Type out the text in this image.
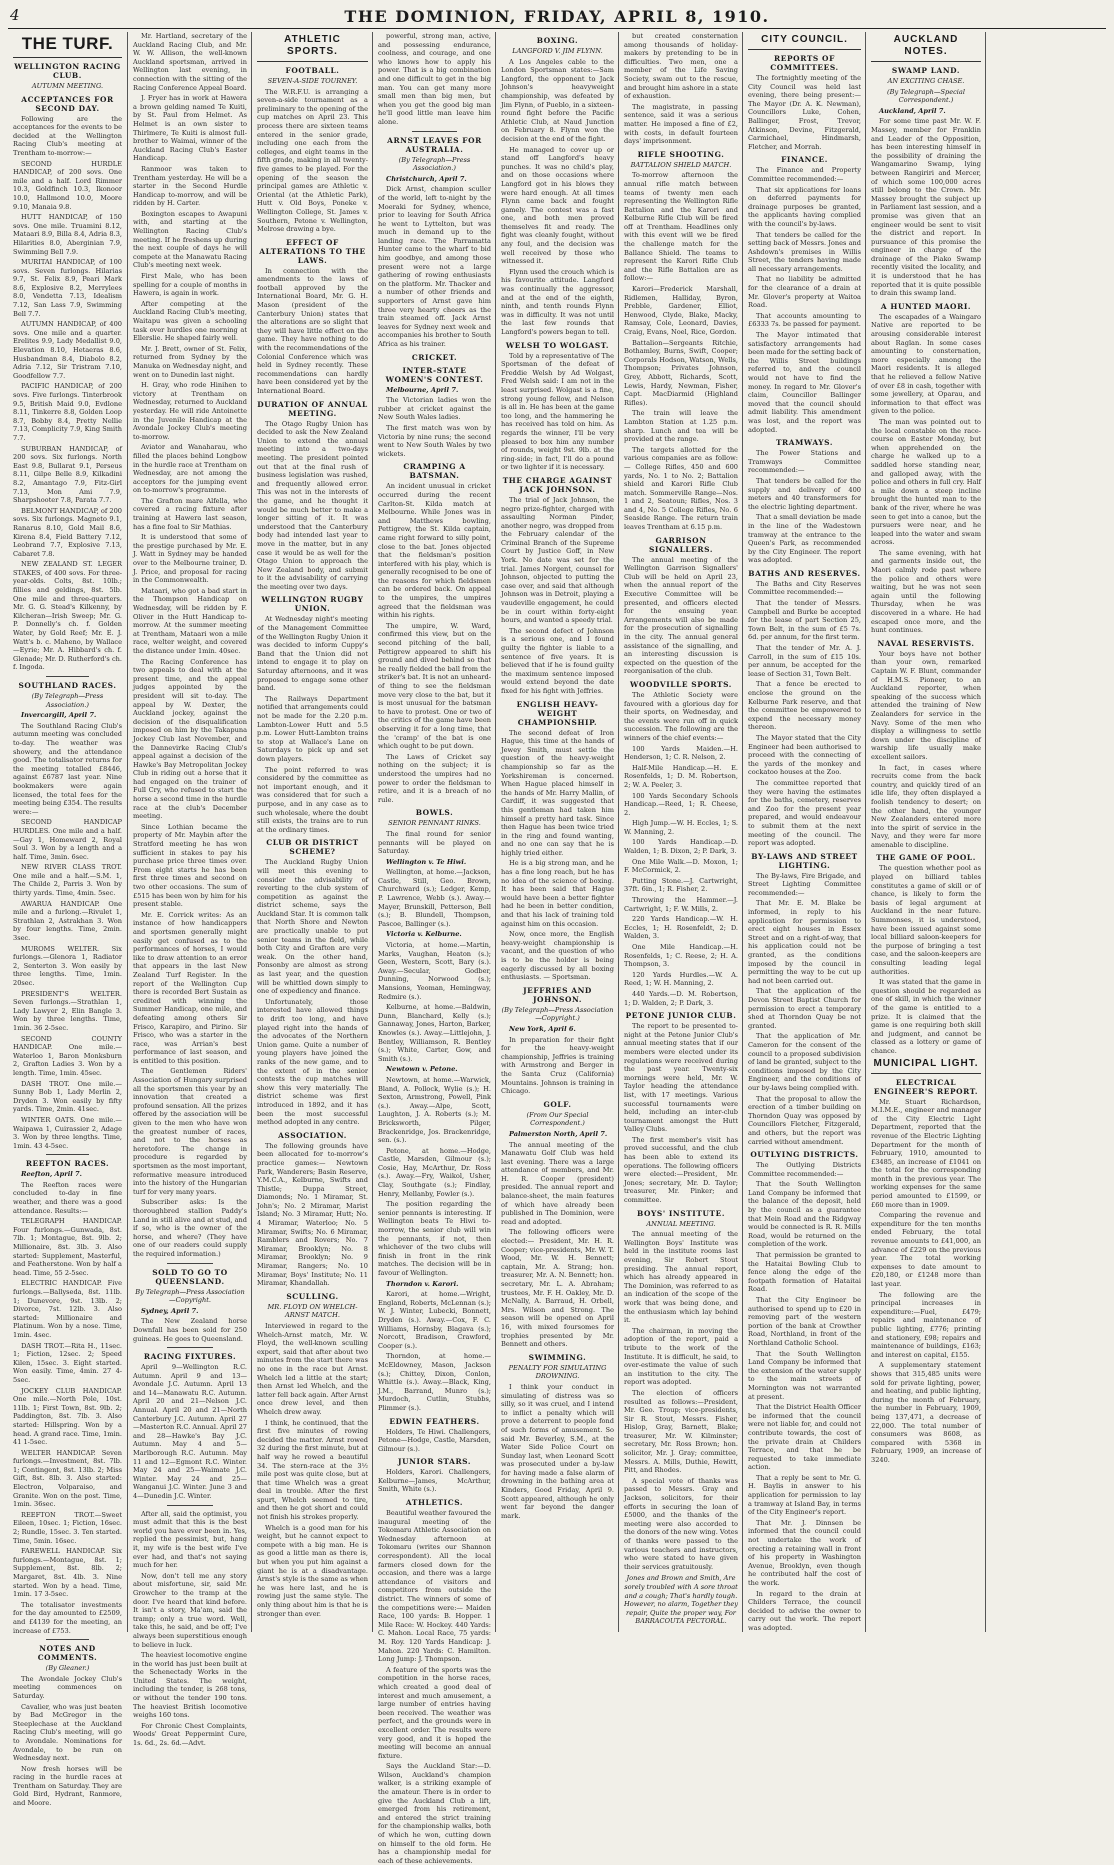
4	THE DOMINION, FRIDAY, APRIL 8, 1910.
THE TURF.
WELLINGTON RACING CLUB.
AUTUMN MEETING.
ACCEPTANCES FOR SECOND DAY.

Following are the acceptances for the events to be decided at the Wellington Racing Club's meeting at Trentham to-morrow:—

SECOND HURDLE HANDICAP, of 200 sovs. One mile and a half. Lord Rimmer 10.3, Goldfinch 10.3, Ikonoor 10.0, Hallmond 10.0, Moore 9.10, Manaia 9.8.

HUTT HANDICAP, of 150 sovs. One mile. Truamini 8.12, Mataari 8.9, Billa 8.4, Adria 8.3, Hilarities 8.0, Aberginian 7.9, Swimming Bell 7.9.

MURITAI HANDICAP, of 100 sovs. Seven furlongs. Hilarias 9.7, St. Felix 8.9, Peari Mark 8.6, Explosive 8.2, Merrylees 8.0, Vendetta 7.13, Idealism 7.12, San Lass 7.9, Swimming Bell 7.7.

AUTUMN HANDICAP, of 400 sovs. One mile and a quarter. Erelites 9.9, Lady Medallist 9.0, Elevation 8.10, Hetaeras 8.6, Husbandman 8.4, Diabolo 8.2, Adria 7.12, Sir Tristram 7.10, Goodfellow 7.7.

PACIFIC HANDICAP, of 200 sovs. Five furlongs. Tinterbrook 9.5, British Maid 9.0, Evdlone 8.11, Tinkerre 8.8, Golden Loop 8.7, Bobby 8.4, Pretty Nellie 7.13, Complicity 7.9, King Smith 7.7.

SUBURBAN HANDICAP, of 200 sovs. Six furlongs. North East 9.8, Bullarat 9.1, Perseus 8.11, Gilpe Belle 8.9, Kilkadini 8.2, Amantago 7.9, Fitz-Girl 7.13, Mon Ami 7.9, Sharpshooter 7.8, Parata 7.7.

BELMONT HANDICAP, of 200 sovs. Six furlongs. Magneto 9.1, Ranarus 8.10, Gold Mail 8.6, Kirena 8.4, Field Battery 7.12, Leobrand 7.7, Explosive 7.13, Cabaret 7.8.

NEW ZEALAND ST. LEGER STAKES, of 400 sovs. For three-year-olds. Colts, 8st. 10lb.; fillies and geldings, 8st. 5lb. One mile and three-quarters. Mr. G. G. Stead's Kilkenny, by Kilcheran—Irish Sweep; Mr. G. P. Donnelly's ch. f. Golden Water, by Gold Reef; Mr. E. J. Watt's b. c. Maheno, by Wallace—Eyrie; Mr. A. Hibbard's ch. f. Glenade; Mr. D. Rutherford's ch. f. Ingoda.

SOUTHLAND RACES.
(By Telegraph—Press Association.)

Invercargill, April 7.

The Southland Racing Club's autumn meeting was concluded to-day. The weather was showery, and the attendance good. The totalisator returns for the meeting totalled £8446, against £6787 last year. Nine bookmakers were again licensed, the total fees for the meeting being £354. The results were:—

SECOND HANDICAP HURDLES. One mile and a half.—Gay 1, Homeward 2, Royal Soul 3. Won by a length and a half. Time, 3min. 6sec.

NEW RIVER CLASS TROT. One mile and a half.—S.M. 1, The Childe 2, Parris 3. Won by thirty yards. Time, 4min. 5sec.

AWARUA HANDICAP. One mile and a furlong.—Rivulet 1, Strathlan 2, Astrakhan 3. Won by four lengths. Time, 2min. 3sec.

MUROMS WELTER. Six furlongs.—Glenora 1, Radiator 2, Senterton 3. Won easily by three lengths. Time, 1min. 20sec.

PRESIDENT'S WELTER. Seven furlongs.—Strathlan 1, Lady Lawyer 2, Elin Bangle 3. Won by three lengths. Time, 1min. 36 2-5sec.

SECOND COUNTY HANDICAP. One mile.—Waterloo 1, Baron Monksburn 2, Grafton Ladies 3. Won by a length. Time, 1min. 45sec.

DASH TROT. One mile.—Sunny Bob 1, Lady Merlin 2, Dryden 3. Won easily by fifty yards. Time, 2min. 41sec.

WINTER OATS. One mile.—Waipawa 1, Cuirassier 2, Adage 3. Won by three lengths. Time, 1min. 43 4-5sec.

REEFTON RACES.

Reefton, April 7.

The Reefton races were concluded to-day in fine weather, and there was a good attendance. Results:—

TELEGRAPH HANDICAP. Four furlongs.—Gunwada, 8st. 7lb. 1; Montague, 8st. 9lb. 2; Millionaire, 8st. 3lb. 3. Also started: Supplement, Masterful, and Featherstone. Won by half a head. Time, 55 2-5sec.

ELECTRIC HANDICAP. Five furlongs.—Ballyseda, 8st. 11lb. 1; Dunevore, 9st. 13lb. 2; Divorce, 7st. 12lb. 3. Also started: Millionaire and Platinum. Won by a nose. Time, 1min. 4sec.

DASH TROT.—Rita H., 11sec. 1; Fiction, 12sec. 2; Speed Kilen, 15sec. 3. Eight started. Won easily. Time, 4min. 27 4-5sec.

JOCKEY CLUB HANDICAP. One mile.—North Pole, 10st. 11lb. 1; First Town, 8st. 9lb. 2; Paddington, 8st. 7lb. 3. Also started: Hillspring. Won by a head. A grand race. Time, 1min. 41 1-5sec.

WELTER HANDICAP. Seven furlongs.—Investment, 8st. 7lb. 1; Contingent, 8st. 13lb. 2; Miss Gift, 8st. 8lb. 3. Also started: Electron, Volparaiso, and Granite. Won on the post. Time, 1min. 36sec.

REEFTON TROT.—Sweet Eileen, 10sec. 1; Fiction, 16sec. 2; Rundle, 15sec. 3. Ten started. Time, 5min. 16sec.

FAREWELL HANDICAP. Six furlongs.—Montague, 8st. 1; Supplement, 8st. 8lb. 2; Margaret, 8st. 4lb. 3. Nine started. Won by a head. Time, 1min. 17 3-5sec.

The totalisator investments for the day amounted to £2509, and £4139 for the meeting, an increase of £753.

NOTES AND COMMENTS.
(By Gleaner.)

The Avondale Jockey Club's meeting commences on Saturday.

Cavalier, who was just beaten by Bad McGregor in the Steeplechase at the Auckland Racing Club's meeting, will go to Avondale. Nominations for Avondale, to be run on Wednesday next.

Now fresh horses will be racing in the hurdle races at Trentham on Saturday. They are Gold Bird, Hydrant, Ranmore, and Moore.

Mr. Hartland, secretary of the Auckland Racing Club, and Mr. W. W. Allison, the well-known Auckland sportsman, arrived in Wellington last evening, in connection with the sitting of the Racing Conference Appeal Board.

J. Fryer has in work at Hawera a brown gelding named Te Kuiti, by St. Paul from Helmet. As Helmet is an own sister to Thirlmere, Te Kuiti is almost full-brother to Waimai, winner of the Auckland Racing Club's Easter Handicap.

Ranmoor was taken to Trentham yesterday. He will be a starter in the Second Hurdle Handicap to-morrow, and will be ridden by H. Carter.

Boxington escapes to Awapuni with, and starting at the Wellington Racing Club's meeting. If he freshens up during the next couple of days he will compete at the Manawatu Racing Club's meeting next week.

First Male, who has been spelling for a couple of months in Hawera, is again in work.

After competing at the Auckland Racing Club's meeting, Waitapu was given a schooling task over hurdles one morning at Ellerslie. He shaped fairly well.

Mr. J. Brett, owner of St. Felix, returned from Sydney by the Manuka on Wednesday night, and went on to Dunedin last night.

H. Gray, who rode Hinihen to victory at Trentham on Wednesday, returned to Auckland yesterday. He will ride Antoinette in the Juvenile Handicap at the Avondale Jockey Club's meeting to-morrow.

Aviator and Wanaharau, who filled the places behind Longbow in the hurdle race at Trentham on Wednesday, are not among the acceptors for the jumping event on to-morrow's programme.

The Grafton mare Alfella, who covered a racing fixture after training at Hawera last season, has a fine foal to Sir Mathias.

It is understood that some of the prestige purchased by Mr. E. J. Watt in Sydney may be handed over to the Melbourne trainer, D. J. Price, and proposal for racing in the Commonwealth.

Mataari, who got a bad start in the Thompson Handicap on Wednesday, will be ridden by F. Oliver in the Hutt Handicap to-morrow. At the summer meeting at Trentham, Mataari won a mile race, welter weight, and covered the distance under 1min. 40sec.

The Racing Conference has two appeals to deal with at the present time, and the appeal judges appointed by the president will sit to-day. The appeal by W. Dexter, the Auckland jockey, against the decision of the disqualification imposed on him by the Takapuna Jockey Club last November, and the Dannevirke Racing Club's appeal against a decision of the Hawke's Bay Metropolitan Jockey Club in riding out a horse that it had engaged on the trainer of Full Cry, who refused to start the horse a second time in the hurdle race at the club's December meeting.

Since Lothian became the property of Mr. Maybin after the Stratford meeting he has won sufficient in stakes to pay his purchase price three times over. From eight starts he has been first three times and second on two other occasions. The sum of £515 has been won by him for his present stable.

Mr. E. Corrick writes: As an instance of how handicappers and sportsmen generally might easily get confused as to the performances of horses, I would like to draw attention to an error that appears in the last New Zealand Turf Register. In the report of the Wellington Cup there is recorded Bert Sustain as credited with winning the Summer Handicap, one mile, and defeating among others Sir Frisco, Karapiro, and Pirino. Sir Frisco, who was a starter in the race, was Arrian's best performance of last season, and is entitled to this position.

The Gentlemen Riders' Association of Hungary surprised all the sportsmen this year by an innovation that created a profound sensation. All the prizes offered by the association will be given to the men who have won the greatest number of races, and not to the horses as heretofore. The change in procedure is regarded by sportsmen as the most important, reformative measure introduced into the history of the Hungarian turf for very many years.

Subscriber asks: Is the thoroughbred stallion Paddy's Land in still alive and at stud, and if so, who is the owner of the horse, and where? (They have one of our readers could supply the required information.)

SOLD TO GO TO QUEENSLAND.
By Telegraph—Press Association—Copyright.

Sydney, April 7.

The New Zealand horse Downfall has been sold for 250 guineas. He goes to Queensland.

RACING FIXTURES.

April 9—Wellington R.C. Autumn. April 9 and 13—Avondale J.C. Autumn. April 13 and 14—Manawatu R.C. Autumn. April 20 and 21—Nelson J.C. Annual. April 20 and 21—North Canterbury J.C. Autumn. April 27—Masterton R.C. Annual. April 27 and 28—Hawke's Bay J.C. Autumn. May 4 and 5—Marlborough R.C. Autumn. May 11 and 12—Egmont R.C. Winter. May 24 and 25—Waimate J.C. Winter. May 24 and 25—Wanganui J.C. Winter. June 3 and 4—Dunedin J.C. Winter.

After all, said the optimist, you must admit that this is the best world you have ever been in. Yes, replied the pessimist, but, hang it, my wife is the best wife I've ever had, and that's not saying much for her.

Now, don't tell me any story about misfortune, sir, said Mr. Growcher to the tramp at the door. I've heard that kind before. It isn't a story, Ma'am, said the tramp; only a true word. Well, take this, he said, and be off; I've always been superstitious enough to believe in luck.

The heaviest locomotive engine in the world has just been built at the Schenectady Works in the United States. The weight, including the tender, is 268 tons, or without the tender 190 tons. The heaviest British locomotive weighs 160 tons.

For Chronic Chest Complaints, Woods' Great Peppermint Cure, 1s. 6d., 2s. 6d.—Advt.

ATHLETIC SPORTS.
FOOTBALL.
SEVEN-A-SIDE TOURNEY.

The W.R.F.U. is arranging a seven-a-side tournament as a preliminary to the opening of the cup matches on April 23. This process there are sixteen teams entered in the senior grade, including one each from the colleges, and eight teams in the fifth grade, making in all twenty-five games to be played. For the opening of the season the principal games are Athletic v. Oriental (at the Athletic Park), Hutt v. Old Boys, Poneke v. Wellington College, St. James v. Southern, Petone v. Wellington, Melrose drawing a bye.

EFFECT OF ALTERATIONS TO THE LAWS.

In connection with the amendments to the laws of football approved by the International Board, Mr. G. H. Mason (president of the Canterbury Union) states that the alterations are so slight that they will have little effect on the game. They have nothing to do with the recommendations of the Colonial Conference which was held in Sydney recently. These recommendations can hardly have been considered yet by the International Board.

DURATION OF ANNUAL MEETING.

The Otago Rugby Union has decided to ask the New Zealand Union to extend the annual meeting into a two-days meeting. The president pointed out that at the final rush of business legislation was rushed, and frequently allowed error. This was not in the interests of the game, and he thought it would be much better to make a longer sitting of it. It was understood that the Canterbury body had intended last year to move in the matter, but in any case it would be as well for the Otago Union to approach the New Zealand body, and submit to it the advisability of carrying the meeting over two days.

WELLINGTON RUGBY UNION.

At Wednesday night's meeting of the Management Committee of the Wellington Rugby Union it was decided to inform Cuppy's Band that the Union did not intend to engage it to play on Saturday afternoons, and it was proposed to engage some other band.

The Railways Department notified that arrangements could not be made for the 2.20 p.m. Lambton-Lower Hutt and 5.5 p.m. Lower Hutt-Lambton trains to stop at Wallace's Lane on Saturdays to pick up and set down players.

The point referred to was considered by the committee as not important enough, and it was considered that for such a purpose, and in any case as to such wholesale, where the doubt still exists, the trains are to run at the ordinary times.

CLUB OR DISTRICT SCHEME?

The Auckland Rugby Union will meet this evening to consider the advisability of reverting to the club system of competition as against the district scheme, says the Auckland Star. It is common talk that North Shore and Newton are practically unable to put senior teams in the field, while both City and Grafton are very weak. On the other hand, Ponsonby are almost as strong as last year, and the question will be whittled down simply to one of expediency and finance.

Unfortunately, those interested have allowed things to drift too long, and have played right into the hands of the advocates of the Northern Union game. Quite a number of young players have joined the ranks of the new game, and to the extent of in the senior contests the cup matches will show this very materially. The district scheme was first introduced in 1892, and it has been the most successful method adopted in any centre.

ASSOCIATION.

The following grounds have been allocated for to-morrow's practice games:— Newtown Park, Wanderers; Basin Reserve, Y.M.C.A., Kelburne, Swifts and Thistle; Duppa Street, Diamonds; No. 1 Miramar, St. John's; No. 2 Miramar, Marist Island; No. 3 Miramar, Hutt; No. 4 Miramar, Waterloo; No. 5 Miramar, Swifts; No. 6 Miramar, Ramblers and Rovers; No. 7 Miramar, Brooklyn; No. 8 Miramar, Brooklyn; No. 9 Miramar, Rangers; No. 10 Miramar, Boys' Institute; No. 11 Miramar, Khandallah.

SCULLING.
MR. FLOYD ON WHELCH-ARNST MATCH.

Interviewed in regard to the Whelch-Arnst match, Mr. W. Floyd, the well-known sculling expert, said that after about two minutes from the start there was no one in the race but Arnst. Whelch led a little at the start; then Arnst led Whelch, and the latter fell back again. After Arnst once drew level, and then Whelch drew away.

I think, he continued, that the first five minutes of rowing decided the matter. Arnst rowed 32 during the first minute, but at half way he rowed a beautiful 34. The stern-race at the 3½ mile post was quite close, but at that time Whelch was a great deal in trouble. After the first spurt, Whelch seemed to tire, and then he got short and could not finish his strokes properly.

Whelch is a good man for his weight, but he cannot expect to compete with a big man. He is as good a little man as there is, but when you put him against a giant he is at a disadvantage. Arnst's style is the same as when he was here last, and he is rowing just the same style. The only thing about him is that he is stronger than ever.

powerful, strong man, active, and possessing endurance, coolness, and courage, and one who knows how to apply his power. That is a big combination and one difficult to get in the big man. You can get many more small men than big men, but when you get the good big man he'll good little man leave him alone.

ARNST LEAVES FOR AUSTRALIA.
(By Telegraph—Press Association.)

Christchurch, April 7.

Dick Arnst, champion sculler of the world, left to-night by the Moeraki for Sydney, whence, prior to leaving for South Africa he went to Lyttelton, but was much in demand up to the landing race. The Parramatta Hunter came to the wharf to bid him goodbye, and among those present were not a large gathering of rowing enthusiasts on the platform. Mr. Thacker and a number of other friends and supporters of Arnst gave him three very hearty cheers as the train steamed off. Jack Arnst leaves for Sydney next week and accompanies his brother to South Africa as his trainer.

CRICKET.
INTER-STATE WOMEN'S CONTEST.

Melbourne, April 7.

The Victorian ladies won the rubber at cricket against the New South Wales ladies.

The first match was won by Victoria by nine runs; the second went to New South Wales by two wickets.

CRAMPING A BATSMAN.

An incident unusual in cricket occurred during the recent Carlton-St. Kilda match at Melbourne. While Jones was in and Matthews bowling, Pettigrew, the St. Kilda captain, came right forward to silly point, close to the bat. Jones objected that the fieldsman's position interfered with his play, which is generally recognised to be one of the reasons for which fieldsmen can be ordered back. On appeal to the umpires, the umpires agreed that the fieldsman was within his rights.

The umpire, W. Ward, confirmed this view, but on the second pitching of the ball, Pettigrew appeared to shift his ground and dived behind so that he really fielded the ball from the striker's bat. It is not an unheard-of thing to see the fieldsman move very close to the bat, but it is most unusual for the batsman to have to protest. One or two of the critics of the game have been observing it for a long time, that the 'cramp' of the bat is one which ought to be put down.

The Laws of Cricket say nothing on the subject; it is understood the umpires had no power to order the fieldsman to retire, and it is a breach of no rule.

BOWLS.
SENIOR PENNANT RINKS.

The final round for senior pennants will be played on Saturday.

Wellington v. Te Hiwi.

Wellington, at home.—Jackson, Castle, Still, Geo. Brown, Churchward (s.); Ledger, Kemp, P. Lawrence, Webb (s.). Away.—Mayer, Brunskill, Petterson, Bell (s.); B. Blundell, Thompson, Pascoe, Ballinger (s.).

Victoria v. Kelburne.

Victoria, at home.—Martin, Marks, Vaughan, Heaton (s.); Geen, Western, Scott, Bary (s.). Away.—Secular, Godber, Dunning, Norwood (s.); Mansions, Yeoman, Hemingway, Redmire (s.).

Kelburne, at home.—Baldwin, Dunn, Blanchard, Kelly (s.); Gannaway, Jones, Harton, Barker, Knowles (s.). Away.—Littlejohn, J. Bentley, Williamson, R. Bentley (s.); White, Carter, Gow, and Smith (s.).

Newtown v. Petone.

Newtown, at home.—Warwick, Bland, A. Pollock, Wylie (s.); H. Sexton, Armstrong, Powell, Pink (s.). Away.—Alpe, Scott, Laughton, J. A. Roberts (s.); M. Bricksworth, Pilger, Brackenridge, Jos. Brackenridge, sen. (s.).

Petone, at home.—Hodge, Castle, Marsden, Gilmour (s.); Cosie, Hay, McArthur, Dr. Ross (s.). Away.—Fry, Waikol, Usher, Clay, Southgate (s.); Findlay, Henry, Mellanby, Fowler (s.).

The position regarding the senior pennants is interesting. If Wellington beats Te Hiwi to-morrow, the senior club will win the pennants, if not, then whichever of the two clubs will finish in front in the rink matches. The decision will be in favour of Wellington.

Thorndon v. Karori.

Karori, at home.—Wright, England, Roberts, McLennan (s.); W. J. Winter, Lubecki, Bonnett, Dryden (s.). Away.—Cox, F. C. Williams, Hornsby, Blagava (s.); Norcott, Bradison, Crawford, Cooper (s.).

Thorndon, at home.—McEldowney, Mason, Jackson (s.); Chittey, Dixon, Conlon, Whittle (s.). Away.—Black, King, J.M., Barrand, Munro (s.); Murdoch, Cutlin, Stubbs, Plimmer (s.).

EDWIN FEATHERS.

Holders, Te Hiwi. Challengers, Petone—Hodge, Castle, Marsden, Gilmour (s.).

JUNIOR STARS.

Holders, Karori. Challengers, Kelburne—James, McArthur, Smith, White (s.).

ATHLETICS.

Beautiful weather favoured the inaugural meeting of the Tokomaru Athletic Association on Wednesday afternoon at Tokomaru (writes our Shannon correspondent). All the local farmers closed down for the occasion, and there was a large attendance of visitors and competitors from outside the district. The winners of some of the competitions were:— Maiden Race, 100 yards: B. Hopper. 1 Mile Race: W. Hockey. 440 Yards: C. Mahon. Local Race, 75 yards: M. Roy. 120 Yards Handicap: J. Mahon. 220 Yards: C. Hamilton. Long Jump: J. Thompson.

A feature of the sports was the competition in the horse races, which created a good deal of interest and much amusement, a large number of entries having been received. The weather was perfect, and the grounds were in excellent order. The results were very good, and it is hoped the meeting will become an annual fixture.

Says the Auckland Star:—D. Wilson, Auckland's champion walker, is a striking example of the amateur. There is in order to give the Auckland Club a lift, emerged from his retirement, and entered the strict training for the championship walks, both of which he won, cutting down on himself to the old form. He has a championship medal for each of these achievements.

BOXING.
LANGFORD V. JIM FLYNN.

A Los Angeles cable to the London Sportsman states:—Sam Langford, the opponent to Jack Johnson's heavyweight championship, was defeated by Jim Flynn, of Pueblo, in a sixteen-round fight before the Pacific Athletic Club, at Naud Junction on February 8. Flynn won the decision at the end of the fight.

He managed to cover up or stand off Langford's heavy punches. It was no child's play, and on those occasions where Langford got in his blows they were hard enough. At all times Flynn came back and fought gamely. The contest was a fast one, and both men proved themselves fit and ready. The fight was cleanly fought, without any foul, and the decision was well received by those who witnessed it.

Flynn used the crouch which is his favourite attitude. Langford was continually the aggressor, and at the end of the eighth, ninth, and tenth rounds Flynn was in difficulty. It was not until the last few rounds that Langford's powers began to tell.

WELSH TO WOLGAST.

Told by a representative of The Sportsman of the defeat of Freddie Welsh by Ad Wolgast, Fred Welsh said: I am not in the least surprised. Wolgast is a fine, strong young fellow, and Nelson is all in. He has been at the game too long, and the hammering he has received has told on him. As regards the winner, I'll be very pleased to box him any number of rounds, weight 9st. 9lb. at the ring-side; in fact, I'll do a pound or two lighter if it is necessary.

THE CHARGE AGAINST JACK JOHNSON.

The trial of Jack Johnson, the negro prize-fighter, charged with assaulting Norman Pinder, another negro, was dropped from the February calendar of the Criminal Branch of the Supreme Court by Justice Goff, in New York. No date was set for the trial. James Norgent, counsel for Johnson, objected to putting the case over, and said that although Johnson was in Detroit, playing a vaudeville engagement, he could be in court within forty-eight hours, and wanted a speedy trial.

The second defect of Johnson is a serious one, and I found guilty the fighter is liable to a sentence of five years. It is believed that if he is found guilty the maximum sentence imposed would extend beyond the date fixed for his fight with Jeffries.

ENGLISH HEAVY-WEIGHT CHAMPIONSHIP.

The second defeat of Iron Hague, this time at the hands of Jewey Smith, must settle the question of the heavy-weight championship so far as the Yorkshireman is concerned. When Hague placed himself in the hands of Mr. Harry Mallin, of Cardiff, it was suggested that this gentleman had taken him himself a pretty hard task. Since then Hague has been twice tried in the ring and found wanting, and no one can say that he is highly tried either.

He is a big strong man, and he has a fine long reach, but he has no idea of the science of boxing. It has been said that Hague would have been a better fighter had he been in better condition, and that his lack of training told against him on this occasion.

Now, once more, the English heavy-weight championship is vacant, and the question of who is to be the holder is being eagerly discussed by all boxing enthusiasts. — Sportsman.

JEFFRIES AND JOHNSON.
(By Telegraph—Press Association—Copyright.)

New York, April 6.

In preparation for their fight for the heavy-weight championship, Jeffries is training with Armstrong and Berger in the Santa Cruz (California) Mountains. Johnson is training in Chicago.

GOLF.
(From Our Special Correspondent.)

Palmerston North, April 7.

The annual meeting of the Manawatu Golf Club was held last evening. There was a large attendance of members, and Mr. H. R. Cooper (president) presided. The annual report and balance-sheet, the main features of which have already been published in The Dominion, were read and adopted.

The following officers were elected:— President, Mr. H. R. Cooper; vice-presidents, Mr. W. T. Wood, Mr. W. H. Bennett; captain, Mr. A. Strang; hon. treasurer, Mr. A. N. Bennett; hon. secretary, Mr. L. A. Abraham; trustees, Mr. F. H. Oakley, Mr. D. McNally, A. Barraud, H. Orbell, Mrs. Wilson and Strong. The season will be opened on April 16, with mixed foursomes for trophies presented by Mr. Bennett and others.

SWIMMING.
PENALTY FOR SIMULATING DROWNING.

I think your conduct in simulating of distress was so silly, so it was cruel, and I intend to inflict a penalty which will prove a deterrent to people fond of such forms of amusement. So said Mr. Beverley, S.M., at the Water Side Police Court on Sunday last, when Leonard Scott was prosecuted under a by-law for having made a false alarm of drowning in the bathing area at Kinders, Good Friday, April 9. Scott appeared, although he only went far beyond the danger mark.

but created consternation among thousands of holiday-makers by pretending to be in difficulties. Two men, one a member of the Life Saving Society, swam out to the rescue, and brought him ashore in a state of exhaustion.

The magistrate, in passing sentence, said it was a serious matter. He imposed a fine of £2, with costs, in default fourteen days' imprisonment.

RIFLE SHOOTING.
BATTALION SHIELD MATCH.

To-morrow afternoon the annual rifle match between teams of twenty men each representing the Wellington Rifle Battalion and the Karori and Kelburne Rifle Club will be fired off at Trentham. Headlines only with this event will we be fired the challenge match for the Ballance Shield. The teams to represent the Karori Rifle Club and the Rifle Battalion are as follow:—

Karori—Frederick Marshall, Ridlemen, Halliday, Byron, Prebble, Gardener, Elliot, Henwood, Clyde, Blake, Macky, Ramsay, Cole, Leonard, Davies, Craig, Evans, Noel, Rice, Gordon.

Battalion—Sergeants Ritchie, Bothamley, Burns, Swift, Cooper; Corporals Hodson, Watson, Wells, Thompson; Privates Johnson, Grey, Abbott, Richards, Scott, Lewis, Hardy, Newman, Fisher, Capt. MacDiarmid (Highland Rifles).

The train will leave the Lambton Station at 1.25 p.m. sharp. Lunch and tea will be provided at the range.

The targets allotted for the various companies are as follow:— College Rifles, 450 and 600 yards, No. 1 to No. 2; Battalion shield and Karori Rifle Club match. Sommerville Range—Nos. 1 and 2, Seatoun; Rifles, Nos. 3 and 4, No. 5 College Rifles, No. 6 Seaside Range. The return train leaves Trentham at 6.15 p.m.

GARRISON SIGNALLERS.

The annual meeting of the Wellington Garrison Signallers' Club will be held on April 23, when the annual report of the Executive Committee will be presented, and officers elected for the ensuing year. Arrangements will also be made for the prosecution of signalling in the city. The annual general assistance of the signalling, and an interesting discussion is expected on the question of the reorganisation of the club.

WOODVILLE SPORTS.

The Athletic Society were favoured with a glorious day for their sports, on Wednesday, and the events were run off in quick succession. The following are the winners of the chief events:—

100 Yards Maiden.—H. Henderson, 1; C. R. Nelson, 2.

Half-Mile Handicap.—H. E. Rosenfelds, 1; D. M. Robertson, 2; W. A. Peeler, 3.

100 Yards Secondary Schools Handicap.—Reed, 1; R. Cheese, 2.

High Jump.—W. H. Eccles, 1; S. W. Manning, 2.

100 Yards Handicap.—D. Walden, 1; B. Dixon, 2; P. Dark, 3.

One Mile Walk.—D. Moxon, 1; F. McCormick, 2.

Putting Stone.—J. Cartwright, 37ft. 6in., 1; R. Fisher, 2.

Throwing the Hammer.—J. Cartwright, 1; F. W. Mills, 2.

220 Yards Handicap.—W. H. Eccles, 1; H. Rosenfeldt, 2; D. Walden, 3.

One Mile Handicap.—H. Rosenfelds, 1; C. Reese, 2; H. A. Thompson, 3.

120 Yards Hurdles.—W. A. Reed, 1; W. H. Manning, 2.

440 Yards.—D. M. Robertson, 1; D. Walden, 2; P. Dark, 3.

PETONE JUNIOR CLUB.

The report to be presented to-night at the Petone Junior Club's annual meeting states that if our members were elected under its regulations were received during the past year. Twenty-six mornings were held, Mr. W. Taylor heading the attendance list, with 17 meetings. Various successful tournaments were held, including an inter-club tournament amongst the Hutt Valley Clubs.

The first member's visit has proved successful, and the club has been able to extend its operations. The following officers were elected:—President, Mr. Jones; secretary, Mr. D. Taylor; treasurer, Mr. Pinker; and committee.

BOYS' INSTITUTE.
ANNUAL MEETING.

The annual meeting of the Wellington Boys' Institute was held in the institute rooms last evening, Sir Robert Stout presiding. The annual report, which has already appeared in The Dominion, was referred to as an indication of the scope of the work that was being done, and the enthusiasm which lay behind it.

The chairman, in moving the adoption of the report, paid a tribute to the work of the Institute. It is difficult, he said, to over-estimate the value of such an institution to the city. The report was adopted.

The election of officers resulted as follows:—President, Mr. Geo. Troup; vice-presidents, Sir R. Stout, Messrs. Fisher, Hislop, Gray, Barnett, Blake; treasurer, Mr. W. Kilminster; secretary, Mr. Ross Brown; hon. solicitor, Mr. J. Gray; committee, Messrs. A. Mills, Duthie, Hewitt, Pitt, and Rhodes.

A special vote of thanks was passed to Messrs. Gray and Jackson, solicitors, for their efforts in securing the loan of £5000, and the thanks of the meeting were also accorded to the donors of the new wing. Votes of thanks were passed to the various teachers and instructors, who were stated to have given their services gratuitously.

Jones and Brown and Smith, Are sorely troubled with A sore throat and a cough; That's hardly tough. However, no alarm, Together they repair, Quite the proper way, For BARRACOUTA PECTORAL.
CITY COUNCIL.
REPORTS OF COMMITTEES.

The fortnightly meeting of the City Council was held last evening, there being present:—The Mayor (Dr. A. K. Newman), Councillors Luke, Cohen, Ballinger, Frost, Trevor, Atkinson, Devine, Fitzgerald, Carmichael, Hindmarsh, Fletcher, and Morrah.

FINANCE.

The Finance and Property Committee recommended:—

That six applications for loans on deferred payments for drainage purposes be granted, the applicants having complied with the council's by-laws.

That tenders be called for the setting back of Messrs. Jones and Ashdown's premises in Willis Street, the tenders having made all necessary arrangements.

That no liability be admitted for the clearance of a drain at Mr. Glover's property at Waitoa Road.

That accounts amounting to £6333 7s. be passed for payment.

The Mayor intimated that satisfactory arrangements had been made for the setting back of the Willis Street buildings referred to, and the council would not have to find the money. In regard to Mr. Glover's claim, Councillor Ballinger moved that the council should admit liability. This amendment was lost, and the report was adopted.

TRAMWAYS.

The Power Stations and Tramways Committee recommended:—

That tenders be called for the supply and delivery of 400 meters and 40 transformers for the electric lighting department.

That a small deviation be made in the line of the Wadestown tramway at the entrance to the Queen's Park, as recommended by the City Engineer. The report was adopted.

BATHS AND RESERVES.

The Baths and City Reserves Committee recommended:—

That the tender of Messrs. Campbell and Burke be accepted for the lease of part Section 25, Town Belt, in the sum of £5 7s. 6d. per annum, for the first term.

That the tender of Mr. A. J. Carroll, in the sum of £15 10s. per annum, be accepted for the lease of Section 31, Town Belt.

That a fence be erected to enclose the ground on the Kelburne Park reserve, and that the committee be empowered to expend the necessary money thereon.

The Mayor stated that the City Engineer had been authorised to proceed with the connecting of the yards of the monkey and cockatoo houses at the Zoo.

The committee reported that they were having the estimates for the baths, cemetery, reserves and Zoo for the present year prepared, and would endeavour to submit them at the next meeting of the council. The report was adopted.

BY-LAWS AND STREET LIGHTING.

The By-laws, Fire Brigade, and Street Lighting Committee recommended:—

That Mr. E. M. Blake be informed, in reply to his application for permission to erect eight houses in Essex Street and on a right-of-way, that his application could not be granted, as the conditions imposed by the council in permitting the way to be cut up had not been carried out.

That the application of the Devon Street Baptist Church for permission to erect a temporary shed at Thorndon Quay be not granted.

That the application of Mr. Cameron for the consent of the council to a proposed subdivision of land be granted, subject to the conditions imposed by the City Engineer, and the conditions of our by-laws being complied with.

That the proposal to allow the erection of a timber building on Thorndon Quay was opposed by Councillors Fletcher, Fitzgerald, and others, but the report was carried without amendment.

OUTLYING DISTRICTS.

The Outlying Districts Committee recommended:—

That the South Wellington Land Company be informed that the balance of the deposit, held by the council as a guarantee that Mein Road and the Ridgway would be connected is R. R. Mills Road, would be returned on the completion of the work.

That permission be granted to the Hataitai Bowling Club to fence along the edge of the footpath formation of Hataitai Road.

That the City Engineer be authorised to spend up to £20 in removing part of the western portion of the bank at Crowther Road, Northland, in front of the Northland Catholic School.

That the South Wellington Land Company be informed that the extension of the water supply to the main streets of Mornington was not warranted at present.

That the District Health Officer be informed that the council were not liable for, and could not contribute towards, the cost of the private drain at Childers Terrace, and that he be requested to take immediate action.

That a reply be sent to Mr. G. H. Baylis in answer to his application for permission to lay a tramway at Island Bay, in terms of the City Engineer's report.

That Mr. J. Dinnsen be informed that the council could not undertake the work of erecting a retaining wall in front of his property in Washington Avenue, Brooklyn, even though he contributed half the cost of the work.

In regard to the drain at Childers Terrace, the council decided to advise the owner to carry out the work. The report was adopted.

AUCKLAND NOTES.
SWAMP LAND.
AN EXCITING CHASE.
(By Telegraph—Special Correspondent.)

Auckland, April 7.

For some time past Mr. W. F. Massey, member for Franklin and Leader of the Opposition, has been interesting himself in the possibility of draining the Wangamarino Swamp, lying between Rangiriri and Mercer, of which some 100,000 acres still belong to the Crown. Mr. Massey brought the subject up in Parliament last session, and a promise was given that an engineer would be sent to visit the district and report. In pursuance of this promise the engineer in charge of the drainage of the Piako Swamp recently visited the locality, and it is understood that he has reported that it is quite possible to drain this swamp land.

A HUNTED MAORI.

The escapades of a Waingaro Native are reported to be arousing considerable interest about Raglan. In some cases amounting to consternation, more especially among the Maori residents. It is alleged that he relieved a fellow Native of over £8 in cash, together with some jewellery, at Oparau, and information to that effect was given to the police.

The man was pointed out to the local constable on the race-course on Easter Monday, but when apprehended on the charge he walked up to a saddled horse standing near, and galloped away, with the police and others in full cry. Half a mile down a steep incline brought the hunted man to the bank of the river, where he was seen to get into a canoe, but the pursuers were near, and he leaped into the water and swam across.

The same evening, with hat and garments inside out, the Maori calmly rode past where the police and others were waiting, but he was not seen again until the following Thursday, when he was discovered in a whare. He had escaped once more, and the hunt continues.

NAVAL RESERVISTS.

Your boys have not bother than your own, remarked Captain W. F. Blunt, commander of H.M.S. Pioneer, to an Auckland reporter, when speaking of the success which attended the training of New Zealanders for service in the Navy. Some of the men who display a willingness to settle down under the discipline of warship life usually make excellent sailors.

In fact, in cases where recruits come from the back country, and quickly tired of an idle life, they often displayed a foolish tendency to desert; on the other hand, the younger New Zealanders entered more into the spirit of service in the Navy, and they were far more amenable to discipline.

THE GAME OF POOL.

The question whether pool as played on billiard tables constitutes a game of skill or of chance, is likely to form the basis of legal argument at Auckland in the near future. Summonses, it is understood, have been issued against some local billiard saloon-keepers for the purpose of bringing a test case, and the saloon-keepers are consulting leading legal authorities.

It was stated that the game in question should be regarded as one of skill, in which the winner of the game is entitled to a prize. It is claimed that the game is one requiring both skill and judgment, and cannot be classed as a lottery or game of chance.

MUNICIPAL LIGHT.
ELECTRICAL ENGINEER'S REPORT.

Mr. Stuart Richardson, M.I.M.E., engineer and manager of the City Electric Light Department, reported that the revenue of the Electric Lighting Department for the month of February, 1910, amounted to £3485, an increase of £1041 on the total for the corresponding month in the previous year. The working expenses for the same period amounted to £1599, or £60 more than in 1909.

Comparing the revenue and expenditure for the ten months ended February, the total revenue amounts to £41,000, an advance of £229 on the previous year. The total working expenses to date amount to £20,180, or £1248 more than last year.

The following are the principal increases in expenditure:—Fuel, £479; repairs and maintenance of public lighting, £776; printing and stationery, £98; repairs and maintenance of buildings, £163; and interest on capital, £155.

A supplementary statement shows that 315,485 units were sold for private lighting, power, and heating, and public lighting, during the month of February, the number in February, 1909, being 137,471, a decrease of 22,000. The total number of consumers was 8608, as compared with 5368 in February, 1909, an increase of 3240.
